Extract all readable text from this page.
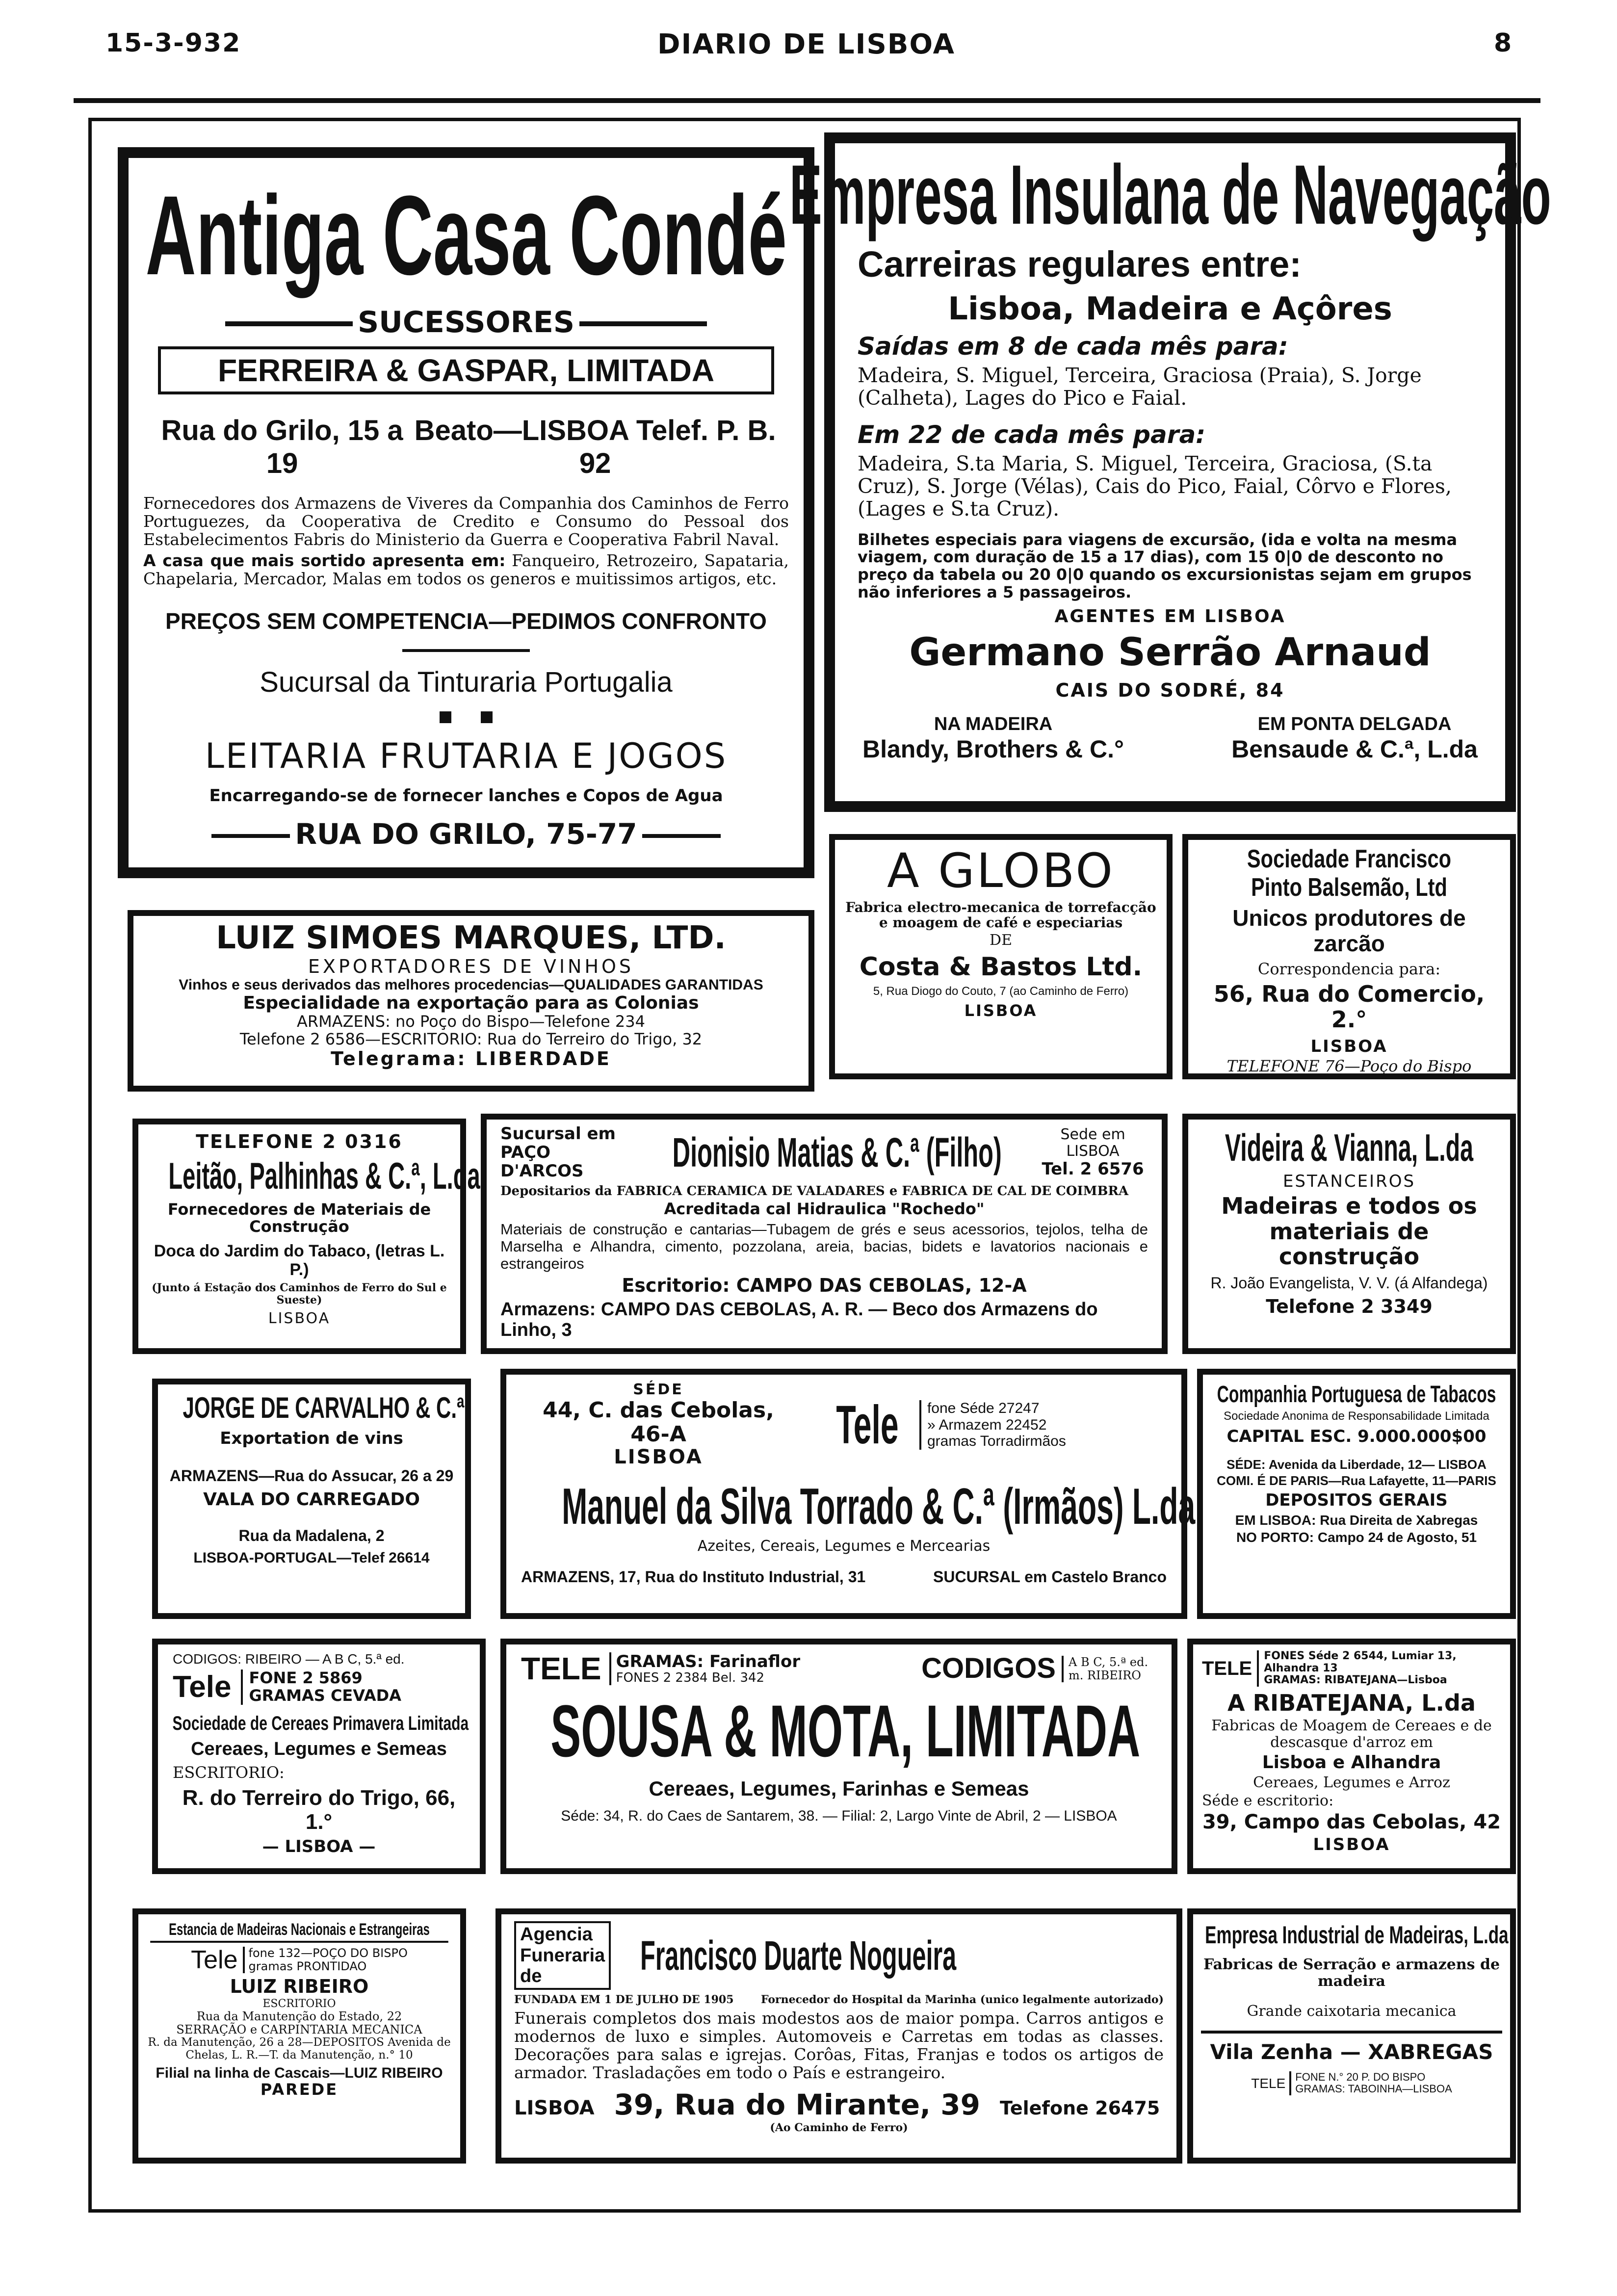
15-3-932	DIARIO DE LISBOA	8
Antiga Casa Condé
SUCESSORES
FERREIRA & GASPAR, LIMITADA
Rua do Grilo, 15 a 19
Beato—LISBOA Telef. P. B. 92
Fornecedores dos Armazens de Viveres da Companhia dos Caminhos de Ferro Portuguezes, da Cooperativa de Credito e Consumo do Pessoal dos Estabelecimentos Fabris do Ministerio da Guerra e Cooperativa Fabril Naval.
A casa que mais sortido apresenta em: Fanqueiro, Retrozeiro, Sapataria, Chapelaria, Mercador, Malas em todos os generos e muitissimos artigos, etc.
PREÇOS SEM COMPETENCIA—PEDIMOS CONFRONTO
Sucursal da Tinturaria Portugalia
LEITARIA FRUTARIA E JOGOS
Encarregando-se de fornecer lanches e Copos de Agua
RUA DO GRILO, 75-77
Empresa Insulana de Navegação
Carreiras regulares entre:
Lisboa, Madeira e Açôres
Saídas em 8 de cada mês para:
Madeira, S. Miguel, Terceira, Graciosa (Praia), S. Jorge (Calheta), Lages do Pico e Faial.
Em 22 de cada mês para:
Madeira, S.ta Maria, S. Miguel, Terceira, Graciosa, (S.ta Cruz), S. Jorge (Vélas), Cais do Pico, Faial, Côrvo e Flores, (Lages e S.ta Cruz).
Bilhetes especiais para viagens de excursão, (ida e volta na mesma viagem, com duração de 15 a 17 dias), com 15 0|0 de desconto no preço da tabela ou 20 0|0 quando os excursionistas sejam em grupos não inferiores a 5 passageiros.
AGENTES EM LISBOA
Germano Serrão Arnaud
CAIS DO SODRÉ, 84
NA MADEIRA
Blandy, Brothers & C.°
EM PONTA DELGADA
Bensaude & C.ª, L.da
LUIZ SIMOES MARQUES, LTD.
EXPORTADORES DE VINHOS
Vinhos e seus derivados das melhores procedencias—QUALIDADES GARANTIDAS
Especialidade na exportação para as Colonias
ARMAZENS: no Poço do Bispo—Telefone 234
Telefone 2 6586—ESCRITORIO: Rua do Terreiro do Trigo, 32
Telegrama: LIBERDADE
A GLOBO
Fabrica electro-mecanica de torrefacção e moagem de café e especiarias
DE
Costa & Bastos Ltd.
5, Rua Diogo do Couto, 7 (ao Caminho de Ferro)
LISBOA
Sociedade Francisco Pinto Balsemão, Ltd
Unicos produtores de zarcão
Correspondencia para:
56, Rua do Comercio, 2.°
LISBOA
TELEFONE 76—Poço do Bispo
TELEFONE 2 0316
Leitão, Palhinhas & C.ª, L.da
Fornecedores de Materiais de Construção
Doca do Jardim do Tabaco, (letras L. P.)
(Junto á Estação dos Caminhos de Ferro do Sul e Sueste)
LISBOA
Sucursal em PAÇO D'ARCOS	Dionisio Matias & C.ª (Filho)	Sede em LISBOA
Tel. 2 6576
Depositarios da FABRICA CERAMICA DE VALADARES e FABRICA DE CAL DE COIMBRA
Acreditada cal Hidraulica "Rochedo"
Materiais de construção e cantarias—Tubagem de grés e seus acessorios, tejolos, telha de Marselha e Alhandra, cimento, pozzolana, areia, bacias, bidets e lavatorios nacionais e estrangeiros
Escritorio: CAMPO DAS CEBOLAS, 12-A
Armazens: CAMPO DAS CEBOLAS, A. R. — Beco dos Armazens do Linho, 3
Videira & Vianna, L.da
ESTANCEIROS
Madeiras e todos os materiais de construção
R. João Evangelista, V. V. (á Alfandega)
Telefone 2 3349
JORGE DE CARVALHO & C.ª
Exportation de vins
ARMAZENS—Rua do Assucar, 26 a 29
VALA DO CARREGADO
Rua da Madalena, 2
LISBOA-PORTUGAL—Telef 26614
SÉDE
44, C. das Cebolas, 46-A
LISBOA
Tele fone Séde 27247
» Armazem 22452
gramas Torradirmãos
Manuel da Silva Torrado & C.ª (Irmãos) L.da
Azeites, Cereais, Legumes e Mercearias
ARMAZENS, 17, Rua do Instituto Industrial, 31	SUCURSAL em Castelo Branco
Companhia Portuguesa de Tabacos
Sociedade Anonima de Responsabilidade Limitada
CAPITAL ESC. 9.000.000$00
SÉDE: Avenida da Liberdade, 12— LISBOA
COMI. É DE PARIS—Rua Lafayette, 11—PARIS
DEPOSITOS GERAIS
EM LISBOA: Rua Direita de Xabregas
NO PORTO: Campo 24 de Agosto, 51
CODIGOS: RIBEIRO — A B C, 5.ª ed.
Tele FONE 2 5869
GRAMAS CEVADA
Sociedade de Cereaes Primavera Limitada
Cereaes, Legumes e Semeas
ESCRITORIO:
R. do Terreiro do Trigo, 66, 1.°
— LISBOA —
TELE GRAMAS: Farinaflor
FONES 2 2384 Bel. 342	CODIGOS	A B C, 5.ª ed. m. RIBEIRO
SOUSA & MOTA, LIMITADA
Cereaes, Legumes, Farinhas e Semeas
Séde: 34, R. do Caes de Santarem, 38. — Filial: 2, Largo Vinte de Abril, 2 — LISBOA
TELE
FONES Séde 2 6544, Lumiar 13, Alhandra 13
GRAMAS: RIBATEJANA—Lisboa
A RIBATEJANA, L.da
Fabricas de Moagem de Cereaes e de descasque d'arroz em
Lisboa e Alhandra
Cereaes, Legumes e Arroz
Séde e escritorio:
39, Campo das Cebolas, 42
LISBOA
Estancia de Madeiras Nacionais e Estrangeiras
Tele fone 132—POÇO DO BISPO
gramas PRONTIDAO
LUIZ RIBEIRO
ESCRITORIO
Rua da Manutenção do Estado, 22
SERRAÇÃO e CARPINTARIA MECANICA
R. da Manutenção, 26 a 28—DEPOSITOS Avenida de Chelas, L. R.—T. da Manutenção, n.° 10
Filial na linha de Cascais—LUIZ RIBEIRO
PAREDE
Agencia Funeraria de	Francisco Duarte Nogueira
FUNDADA EM 1 DE JULHO DE 1905	Fornecedor do Hospital da Marinha (unico legalmente autorizado)
Funerais completos dos mais modestos aos de maior pompa. Carros antigos e modernos de luxo e simples. Automoveis e Carretas em todas as classes. Decorações para salas e igrejas. Corôas, Fitas, Franjas e todos os artigos de armador. Trasladações em todo o País e estrangeiro.
LISBOA 39, Rua do Mirante, 39 Telefone 26475
(Ao Caminho de Ferro)
Empresa Industrial de Madeiras, L.da
Fabricas de Serração e armazens de madeira
Grande caixotaria mecanica
Vila Zenha — XABREGAS
TELE FONE N.° 20 P. DO BISPO
GRAMAS: TABOINHA—LISBOA
